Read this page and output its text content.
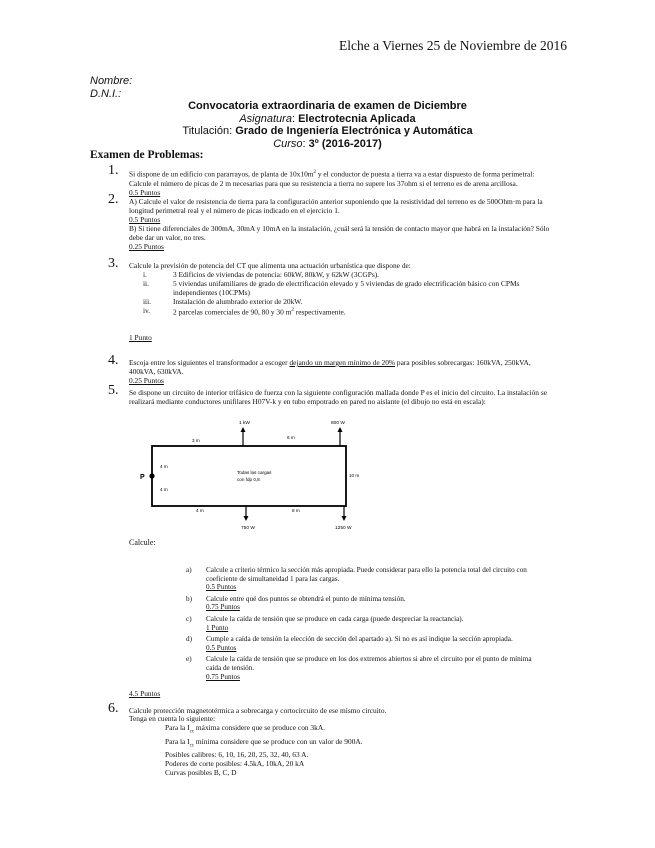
Elche a Viernes 25 de Noviembre de 2016
Nombre:
D.N.I.:
Convocatoria extraordinaria de examen de Diciembre
Asignatura: Electrotecnia Aplicada
Titulación: Grado de Ingeniería Electrónica y Automática
Curso: 3º (2016-2017)
Examen de Problemas:
1. Si dispone de un edificio con pararrayos, de planta de $10x10m^2$ y el conductor de puesta a tierra va a estar dispuesto de forma perimetral:
Calcule el número de picas de 2 m necesarias para que su resistencia a tierra no supere los 37ohm si el terreno es de arena arcillosa.
0.5 Puntos
2. A) Calcule el valor de resistencia de tierra para la configuración anterior suponiendo que la resistividad del terreno es de 500Ohm·m para la longitud perimetral real y el número de picas indicado en el ejercicio 1.
0.5 Puntos
B) Si tiene diferenciales de 300mA, 30mA y 10mA en la instalación, ¿cuál será la tensión de contacto mayor que habrá en la instalación? Sólo debe dar un valor, no tres.
0.25 Puntos
3. Calcule la previsión de potencia del CT que alimenta una actuación urbanística que dispone de:
i.	3 Edificios de viviendas de potencia: 60kW, 80kW, y 62kW (3CGPs).
ii.	5 viviendas unifamiliares de grado de electrificación elevado y 5 viviendas de grado electrificación básico con CPMs independientes (10CPMs)
iii.	Instalación de alumbrado exterior de 20kW.
iv.	2 parcelas comerciales de 90, 80 y 30 $m^2$ respectivamente.
1 Punto
4. Escoja entre los siguientes el transformador a escoger dejando un margen mínimo de 20% para posibles sobrecargas: 160kVA, 250kVA, 400kVA, 630kVA.
0.25 Puntos
5. Se dispone un circuito de interior trifásico de fuerza con la siguiente configuración mallada donde P es el inicio del circuito. La instalación se realizará mediante conductores unifilares H07V-k y en tubo empotrado en pared no aislante (el dibujo no está en escala):
P
1 kW	800 W
750 W	1250 W
3 m
6 m
4 m	8 m
4 m
4 m
10 m
Todas las cargas
con fdp 0,8
Calcule:
a) Calcule a criterio térmico la sección más apropiada. Puede considerar para ello la potencia total del circuito con coeficiente de simultaneidad 1 para las cargas.
0.5 Puntos
b) Calcule entre qué dos puntos se obtendrá el punto de mínima tensión.
0.75 Puntos
c) Calcule la caída de tensión que se produce en cada carga (puede despreciar la reactancia).
1 Punto
d) Cumple a caída de tensión la elección de sección del apartado a). Si no es así indique la sección apropiada.
0.5 Puntos
e) Calcule la caída de tensión que se produce en los dos extremos abiertos si abre el circuito por el punto de mínima caída de tensión.
0.75 Puntos
4.5 Puntos
6. Calcule protección magnetotérmica a sobrecarga y cortocircuito de ese mismo circuito.
Tenga en cuenta lo siguiente:
Para la $I_{cc}$ máxima considere que se produce con 3kA.
Para la $I_{cc}$ mínima considere que se produce con un valor de 900A.
Posibles calibres: 6, 10, 16, 20, 25, 32, 40, 63 A.
Poderes de corte posibles: 4.5kA, 10kA, 20 kA
Curvas posibles B, C, D
